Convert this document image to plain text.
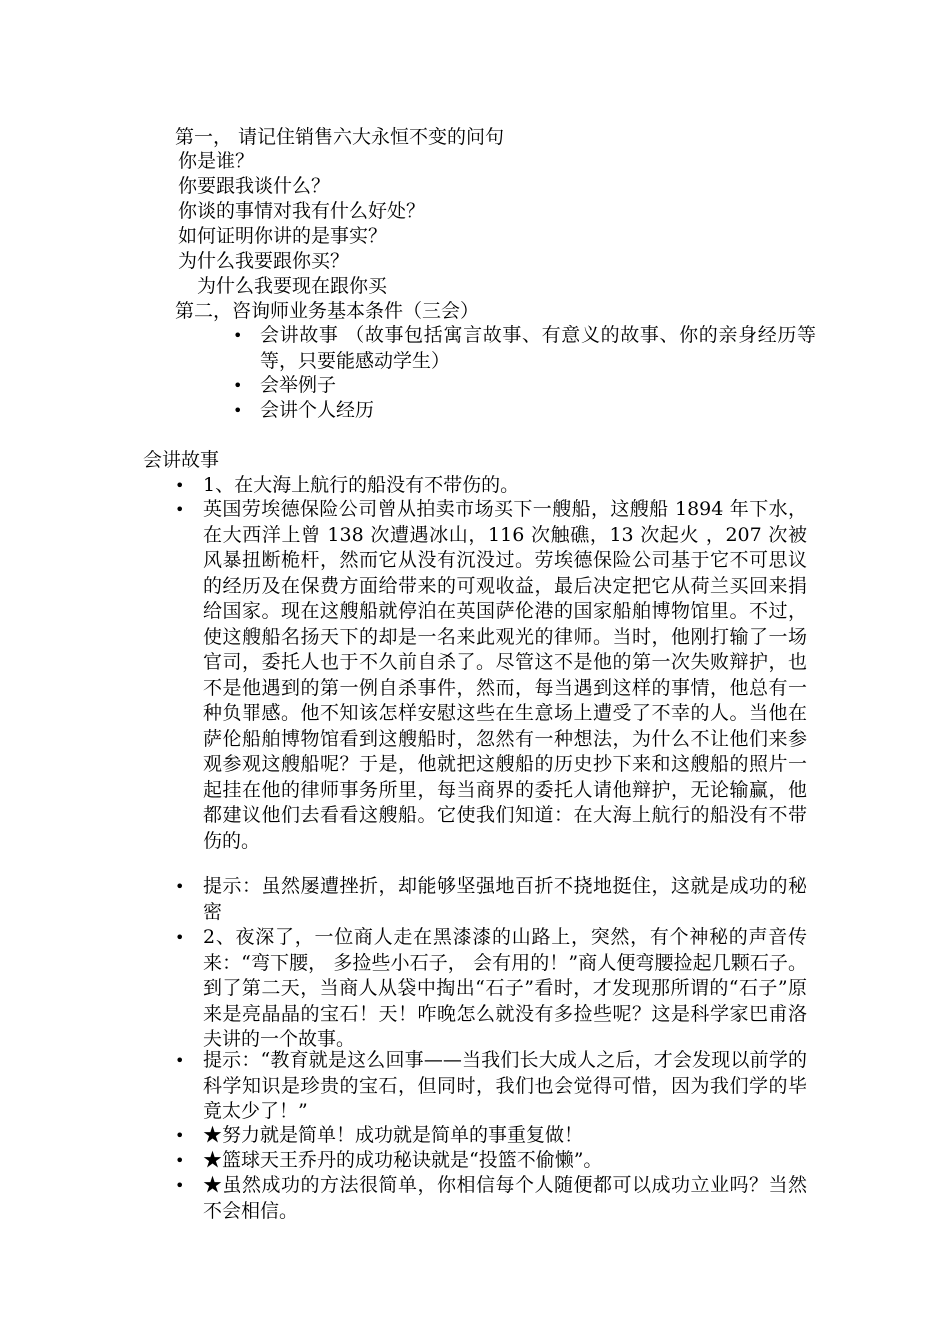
第一， 请记住销售六大永恒不变的问句
你是谁？
你要跟我谈什么？
你谈的事情对我有什么好处？
如何证明你讲的是事实？
为什么我要跟你买？
为什么我要现在跟你买
第二，咨询师业务基本条件（三会）
• 会讲故事 （故事包括寓言故事、有意义的故事、你的亲身经历等等，只要能感动学生）
• 会举例子
• 会讲个人经历
会讲故事
• 1、在大海上航行的船没有不带伤的。
• 英国劳埃德保险公司曾从拍卖市场买下一艘船，这艘船 1894 年下水，在大西洋上曾 138 次遭遇冰山，116 次触礁，13 次起火 ，207 次被风暴扭断桅杆，然而它从没有沉没过。劳埃德保险公司基于它不可思议的经历及在保费方面给带来的可观收益，最后决定把它从荷兰买回来捐给国家。现在这艘船就停泊在英国萨伦港的国家船舶博物馆里。不过，使这艘船名扬天下的却是一名来此观光的律师。当时，他刚打输了一场官司，委托人也于不久前自杀了。尽管这不是他的第一次失败辩护，也不是他遇到的第一例自杀事件，然而，每当遇到这样的事情，他总有一种负罪感。他不知该怎样安慰这些在生意场上遭受了不幸的人。当他在萨伦船舶博物馆看到这艘船时，忽然有一种想法，为什么不让他们来参观参观这艘船呢？于是，他就把这艘船的历史抄下来和这艘船的照片一起挂在他的律师事务所里，每当商界的委托人请他辩护，无论输赢，他都建议他们去看看这艘船。它使我们知道：在大海上航行的船没有不带伤的。
• 提示：虽然屡遭挫折，却能够坚强地百折不挠地挺住，这就是成功的秘密
• 2、夜深了，一位商人走在黑漆漆的山路上，突然，有个神秘的声音传来：“弯下腰， 多捡些小石子， 会有用的！”商人便弯腰捡起几颗石子。到了第二天，当商人从袋中掏出“石子”看时，才发现那所谓的“石子”原来是亮晶晶的宝石！天！咋晚怎么就没有多捡些呢？这是科学家巴甫洛夫讲的一个故事。
• 提示：“教育就是这么回事——当我们长大成人之后，才会发现以前学的科学知识是珍贵的宝石，但同时，我们也会觉得可惜，因为我们学的毕竟太少了！”
• ★努力就是简单！成功就是简单的事重复做！
• ★篮球天王乔丹的成功秘诀就是“投篮不偷懒”。
• ★虽然成功的方法很简单，你相信每个人随便都可以成功立业吗？当然不会相信。
